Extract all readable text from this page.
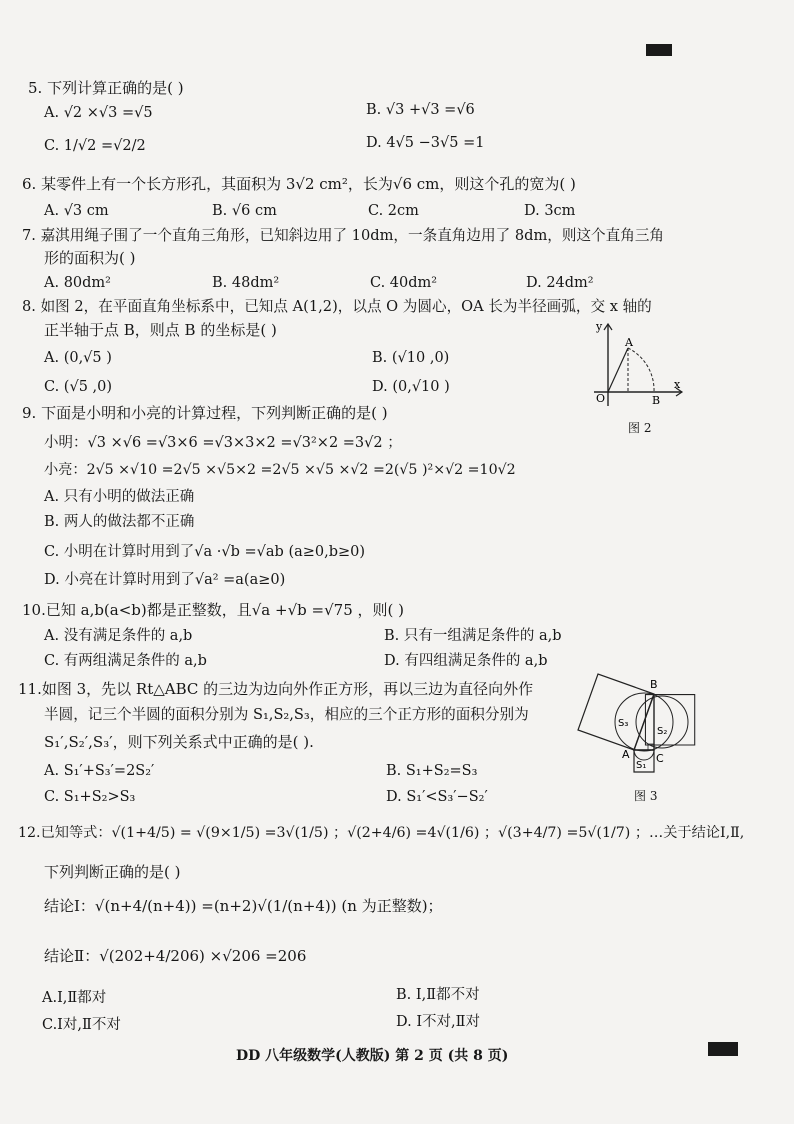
5. 下列计算正确的是( )
A. √2 ×√3 =√5	B. √3 +√3 =√6
C. 1/√2 =√2/2	D. 4√5 −3√5 =1
6. 某零件上有一个长方形孔，其面积为 3√2 cm²，长为√6 cm，则这个孔的宽为( )
A. √3 cm	B. √6 cm	C. 2cm	D. 3cm
7. 嘉淇用绳子围了一个直角三角形，已知斜边用了 10dm，一条直角边用了 8dm，则这个直角三角
形的面积为( )
A. 80dm²	B. 48dm²	C. 40dm²	D. 24dm²
8. 如图 2，在平面直角坐标系中，已知点 A(1,2)，以点 O 为圆心，OA 长为半径画弧，交 x 轴的
正半轴于点 B，则点 B 的坐标是( )
A. (0,√5 )	B. (√10 ,0)
C. (√5 ,0)	D. (0,√10 )
y
x
A
O	B
图 2
9. 下面是小明和小亮的计算过程，下列判断正确的是( )
小明：√3 ×√6 =√3×6 =√3×3×2 =√3²×2 =3√2 ；
小亮：2√5 ×√10 =2√5 ×√5×2 =2√5 ×√5 ×√2 =2(√5 )²×√2 =10√2
A. 只有小明的做法正确
B. 两人的做法都不正确
C. 小明在计算时用到了√a ·√b =√ab (a≥0,b≥0)
D. 小亮在计算时用到了√a² =a(a≥0)
10.已知 a,b(a<b)都是正整数，且√a +√b =√75 ，则( )
A. 没有满足条件的 a,b	B. 只有一组满足条件的 a,b
C. 有两组满足条件的 a,b	D. 有四组满足条件的 a,b
11.如图 3，先以 Rt△ABC 的三边为边向外作正方形，再以三边为直径向外作
半圆，记三个半圆的面积分别为 S₁,S₂,S₃，相应的三个正方形的面积分别为
S₁′,S₂′,S₃′，则下列关系式中正确的是( ).
A. S₁′+S₃′=2S₂′	B. S₁+S₂=S₃
C. S₁+S₂>S₃	D. S₁′<S₃′−S₂′
B
A C
S₃
S₂
S₁
图 3
12.已知等式：√(1+4/5) = √(9×1/5) =3√(1/5) ；√(2+4/6) =4√(1/6) ；√(3+4/7) =5√(1/7) ；…关于结论Ⅰ,Ⅱ,
下列判断正确的是( )
结论Ⅰ：√(n+4/(n+4)) =(n+2)√(1/(n+4)) (n 为正整数)；
结论Ⅱ：√(202+4/206) ×√206 =206
A.Ⅰ,Ⅱ都对	B. Ⅰ,Ⅱ都不对
C.Ⅰ对,Ⅱ不对	D. Ⅰ不对,Ⅱ对
DD 八年级数学(人教版) 第 2 页 (共 8 页)
